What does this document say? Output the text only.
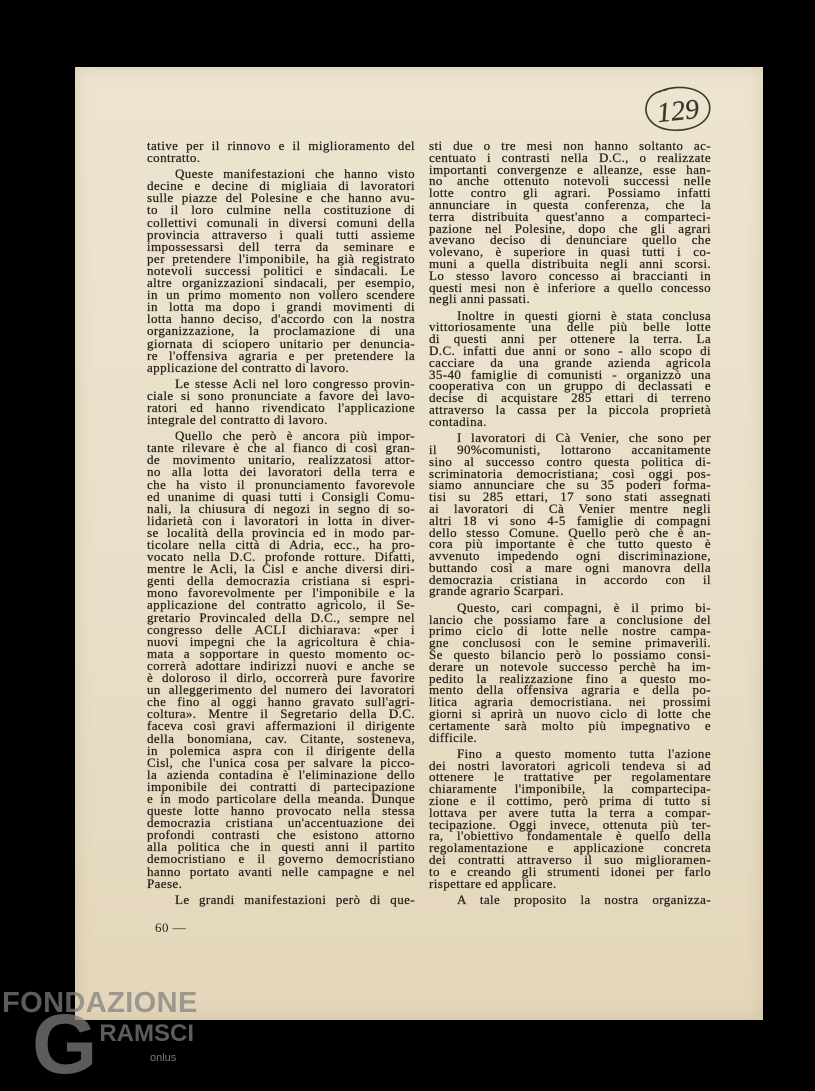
129
tative per il rinnovo e il miglioramento del
contratto.
Queste manifestazioni che hanno visto
decine e decine di migliaia di lavoratori
sulle piazze del Polesine e che hanno avu-
to il loro culmine nella costituzione di
collettivi comunali in diversi comuni della
provincia attraverso i quali tutti assieme
impossessarsi dell terra da seminare e
per pretendere l'imponibile, ha già registrato
notevoli successi politici e sindacali. Le
altre organizzazioni sindacali, per esempio,
in un primo momento non vollero scendere
in lotta ma dopo i grandi movimenti di
lotta hanno deciso, d'accordo con la nostra
organizzazione, la proclamazione di una
giornata di sciopero unitario per denuncia-
re l'offensiva agraria e per pretendere la
applicazione del contratto di lavoro.
Le stesse Acli nel loro congresso provin-
ciale si sono pronunciate a favore dei lavo-
ratori ed hanno rivendicato l'applicazione
integrale del contratto di lavoro.
Quello che però è ancora più impor-
tante rilevare è che al fianco di così gran-
de movimento unitario, realizzatosi attor-
no alla lotta dei lavoratori della terra e
che ha visto il pronunciamento favorevole
ed unanime di quasi tutti i Consigli Comu-
nali, la chiusura di negozi in segno di so-
lidarietà con i lavoratori in lotta in diver-
se località della provincia ed in modo par-
ticolare nella città di Adria, ecc., ha pro-
vocato nella D.C. profonde rotture. Difatti,
mentre le Acli, la Cisl e anche diversi diri-
genti della democrazia cristiana si espri-
mono favorevolmente per l'imponibile e la
applicazione del contratto agricolo, il Se-
gretario Provincaled della D.C., sempre nel
congresso delle ACLI dichiarava: «per i
nuovi impegni che la agricoltura è chia-
mata a sopportare in questo momento oc-
correrà adottare indirizzi nuovi e anche se
è doloroso il dirlo, occorrerà pure favorire
un alleggerimento del numero dei lavoratori
che fino al oggi hanno gravato sull'agri-
coltura». Mentre il Segretario della D.C.
faceva così gravi affermazioni il dirigente
della bonomiana, cav. Citante, sosteneva,
in polemica aspra con il dirigente della
Cisl, che l'unica cosa per salvare la picco-
la azienda contadina è l'eliminazione dello
imponibile dei contratti di partecipazione
e in modo particolare della meanda. Dunque
queste lotte hanno provocato nella stessa
democrazia cristiana un'accentuazione dei
profondi contrasti che esistono attorno
alla politica che in questi anni il partito
democristiano e il governo democristiano
hanno portato avanti nelle campagne e nel
Paese.
Le grandi manifestazioni però di que-
sti due o tre mesi non hanno soltanto ac-
centuato i contrasti nella D.C., o realizzate
importanti convergenze e alleanze, esse han-
no anche ottenuto notevoli successi nelle
lotte contro gli agrari. Possiamo infatti
annunciare in questa conferenza, che la
terra distribuita quest'anno a comparteci-
pazione nel Polesine, dopo che gli agrari
avevano deciso di denunciare quello che
volevano, è superiore in quasi tutti i co-
muni a quella distribuita negli anni scorsi.
Lo stesso lavoro concesso ai braccianti in
questi mesi non è inferiore a quello concesso
negli anni passati.
Inoltre in questi giorni è stata conclusa
vittoriosamente una delle più belle lotte
di questi anni per ottenere la terra. La
D.C. infatti due anni or sono - allo scopo di
cacciare da una grande azienda agricola
35-40 famiglie di comunisti - organizzò una
cooperativa con un gruppo di declassati e
decise di acquistare 285 ettari di terreno
attraverso la cassa per la piccola proprietà
contadina.
I lavoratori di Cà Venier, che sono per
il 90%comunisti, lottarono accanitamente
sino al successo contro questa politica di-
scriminatoria democristiana; così oggi pos-
siamo annunciare che su 35 poderi forma-
tisi su 285 ettari, 17 sono stati assegnati
ai lavoratori di Cà Venier mentre negli
altri 18 vi sono 4-5 famiglie di compagni
dello stesso Comune. Quello però che è an-
cora più importante è che tutto questo è
avvenuto impedendo ogni discriminazione,
buttando così a mare ogni manovra della
democrazia cristiana in accordo con il
grande agrario Scarpari.
Questo, cari compagni, è il primo bi-
lancio che possiamo fare a conclusione del
primo ciclo di lotte nelle nostre campa-
gne conclusosi con le semine primaverili.
Se questo bilancio però lo possiamo consi-
derare un notevole successo perchè ha im-
pedito la realizzazione fino a questo mo-
mento della offensiva agraria e della po-
litica agraria democristiana. nei prossimi
giorni si aprirà un nuovo ciclo di lotte che
certamente sarà molto più impegnativo e
difficile.
Fino a questo momento tutta l'azione
dei nostri lavoratori agricoli tendeva si ad
ottenere le trattative per regolamentare
chiaramente l'imponibile, la compartecipa-
zione e il cottimo, però prima di tutto si
lottava per avere tutta la terra a compar-
tecipazione. Oggi invece, ottenuta più ter-
ra, l'obiettivo fondamentale è quello della
regolamentazione e applicazione concreta
dei contratti attraverso il suo miglioramen-
to e creando gli strumenti idonei per farlo
rispettare ed applicare.
A tale proposito la nostra organizza-
60 —
FONDAZIONE
GRAMSCI
onlus
